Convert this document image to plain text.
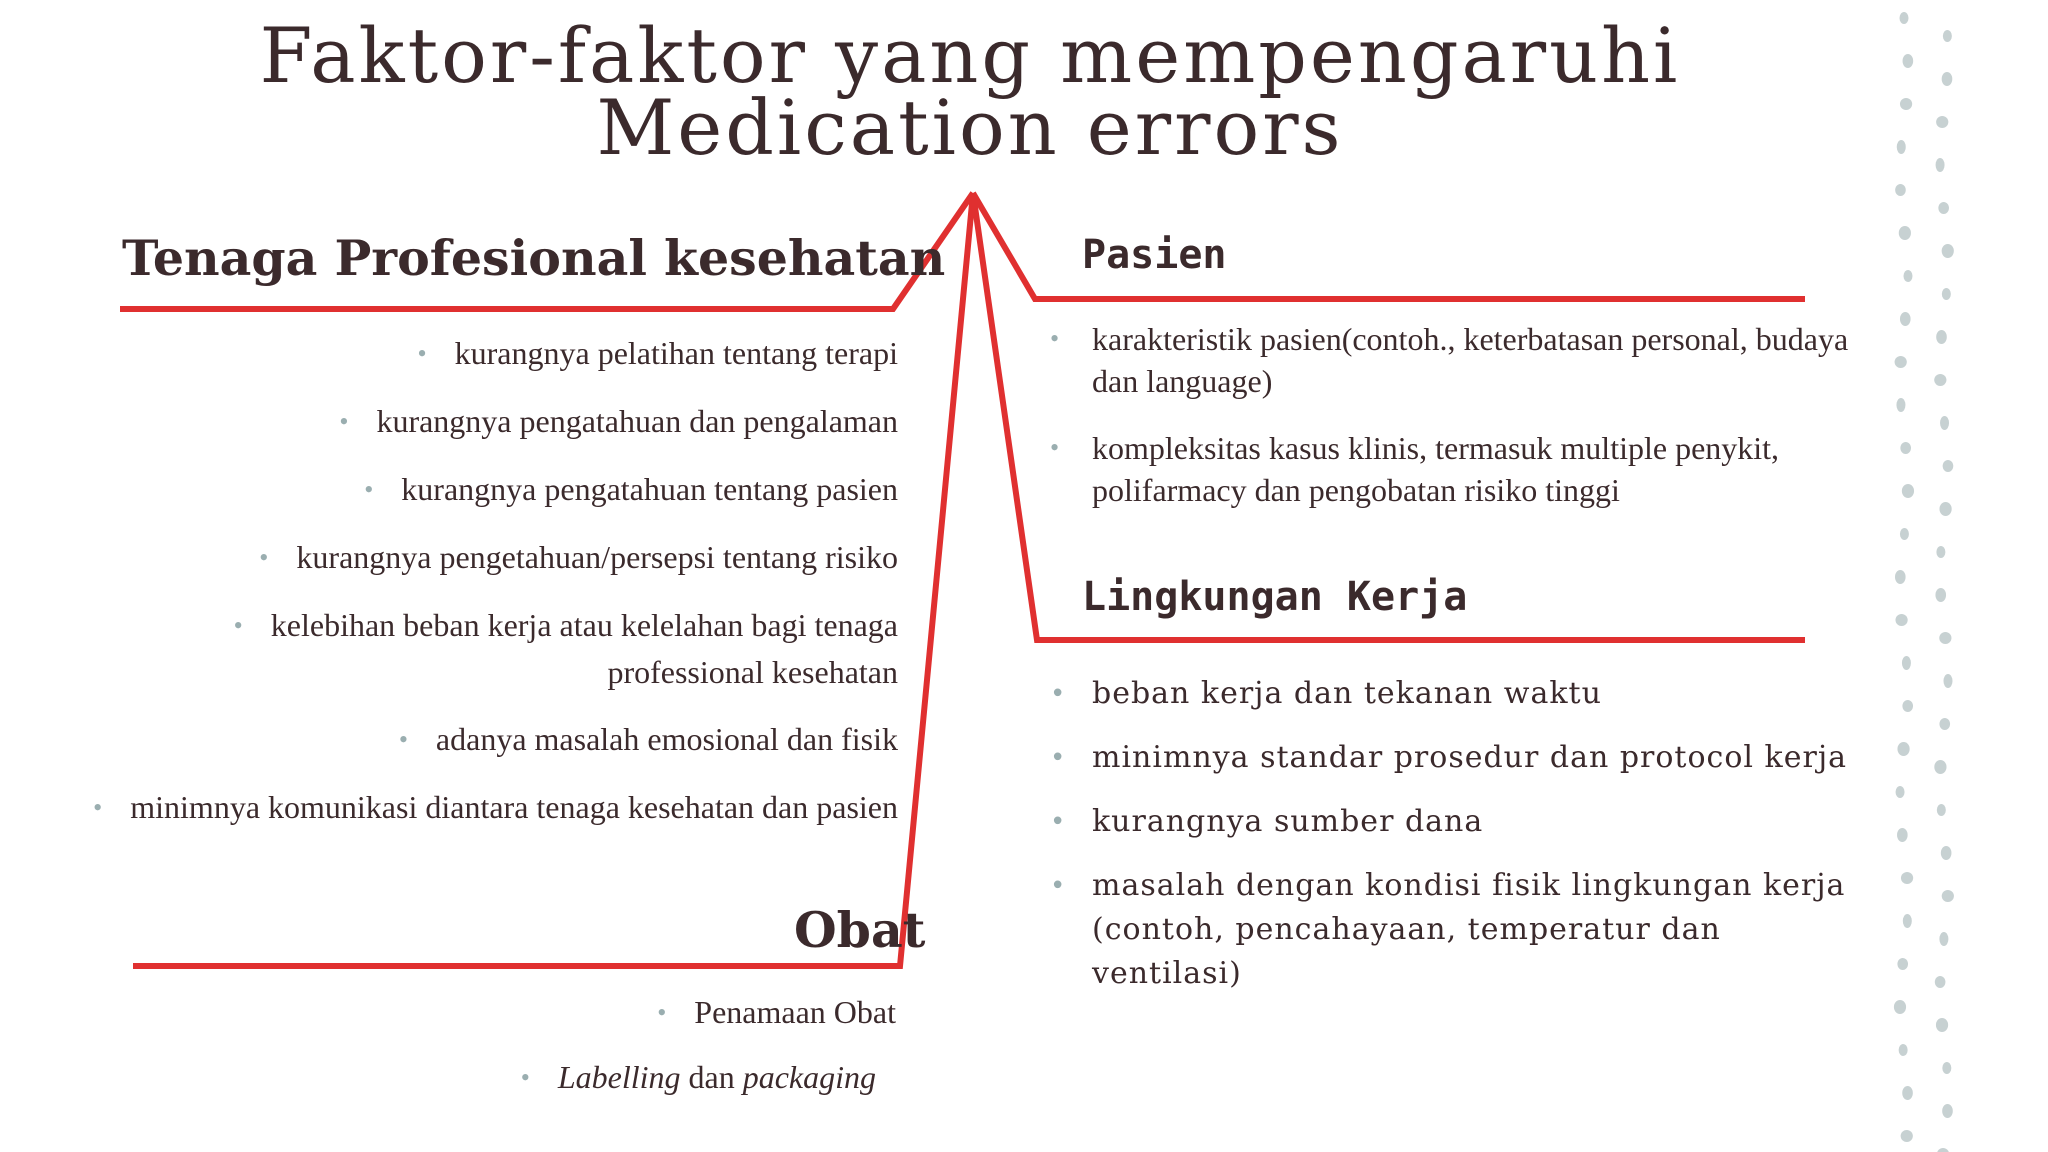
Faktor-faktor yang mempengaruhi Medication errors
Tenaga Profesional kesehatan
• kurangnya pelatihan tentang terapi
• kurangnya pengatahuan dan pengalaman
• kurangnya pengatahuan tentang pasien
• kurangnya pengetahuan/persepsi tentang risiko
• kelebihan beban kerja atau kelelahan bagi tenaga professional kesehatan
• adanya masalah emosional dan fisik
• minimnya komunikasi diantara tenaga kesehatan dan pasien
Obat
• Penamaan Obat
• Labelling dan packaging
Pasien
• karakteristik pasien(contoh., keterbatasan personal, budaya dan language)
• kompleksitas kasus klinis, termasuk multiple penykit, polifarmacy dan pengobatan risiko tinggi
Lingkungan Kerja
• beban kerja dan tekanan waktu
• minimnya standar prosedur dan protocol kerja
• kurangnya sumber dana
• masalah dengan kondisi fisik lingkungan kerja (contoh, pencahayaan, temperatur dan ventilasi)
